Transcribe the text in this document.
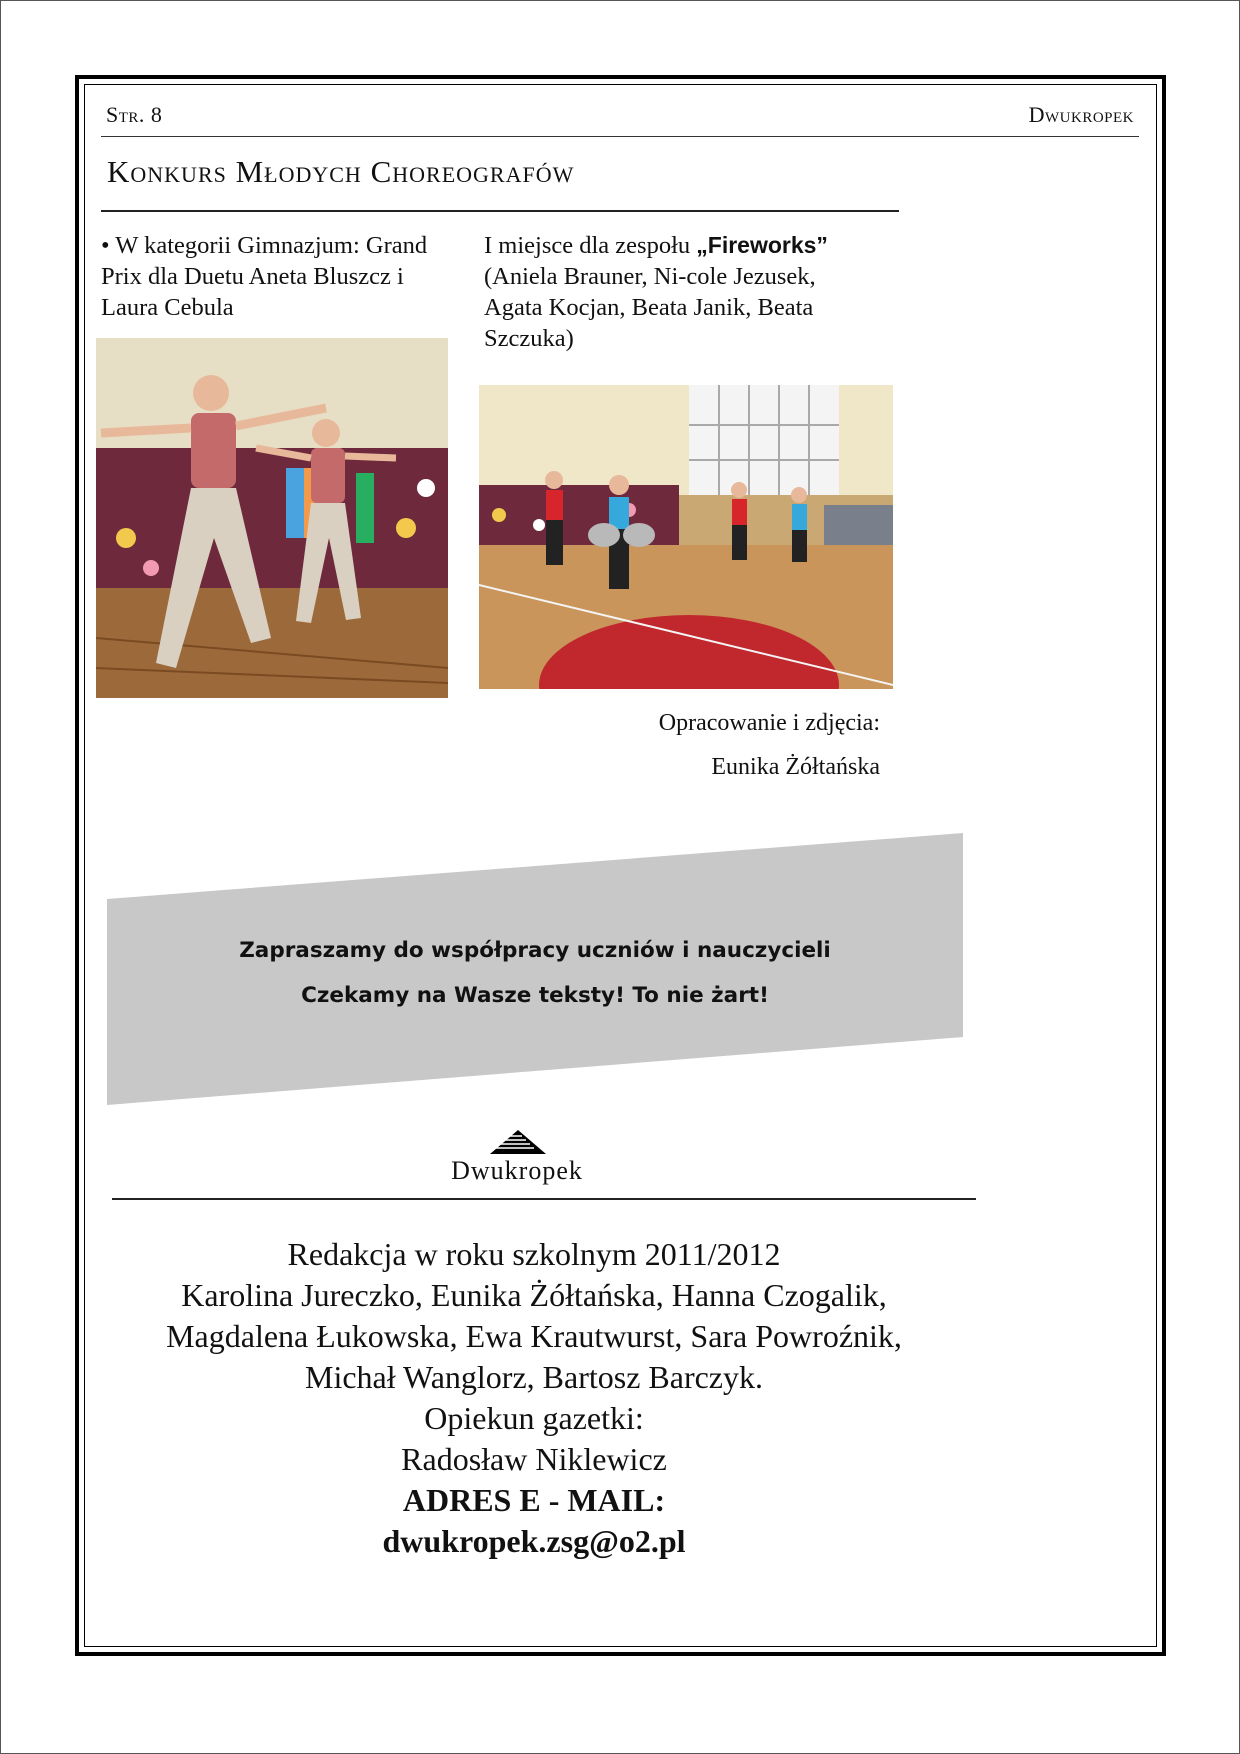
Str. 8	Dwukropek
Konkurs Młodych Choreografów
• W kategorii Gimnazjum: Grand Prix dla Duetu Aneta Bluszcz i Laura Cebula
I miejsce dla zespołu „Fireworks” (Aniela Brauner, Ni-cole Jezusek, Agata Kocjan, Beata Janik, Beata Szczuka)
Opracowanie i zdjęcia:
Eunika Żółtańska
Zapraszamy do współpracy uczniów i nauczycieli
Czekamy na Wasze teksty! To nie żart!
Dwukropek
Redakcja w roku szkolnym 2011/2012
Karolina Jureczko, Eunika Żółtańska, Hanna Czogalik,
Magdalena Łukowska, Ewa Krautwurst, Sara Powroźnik,
Michał Wanglorz, Bartosz Barczyk.
Opiekun gazetki:
Radosław Niklewicz
ADRES E - MAIL:
dwukropek.zsg@o2.pl
